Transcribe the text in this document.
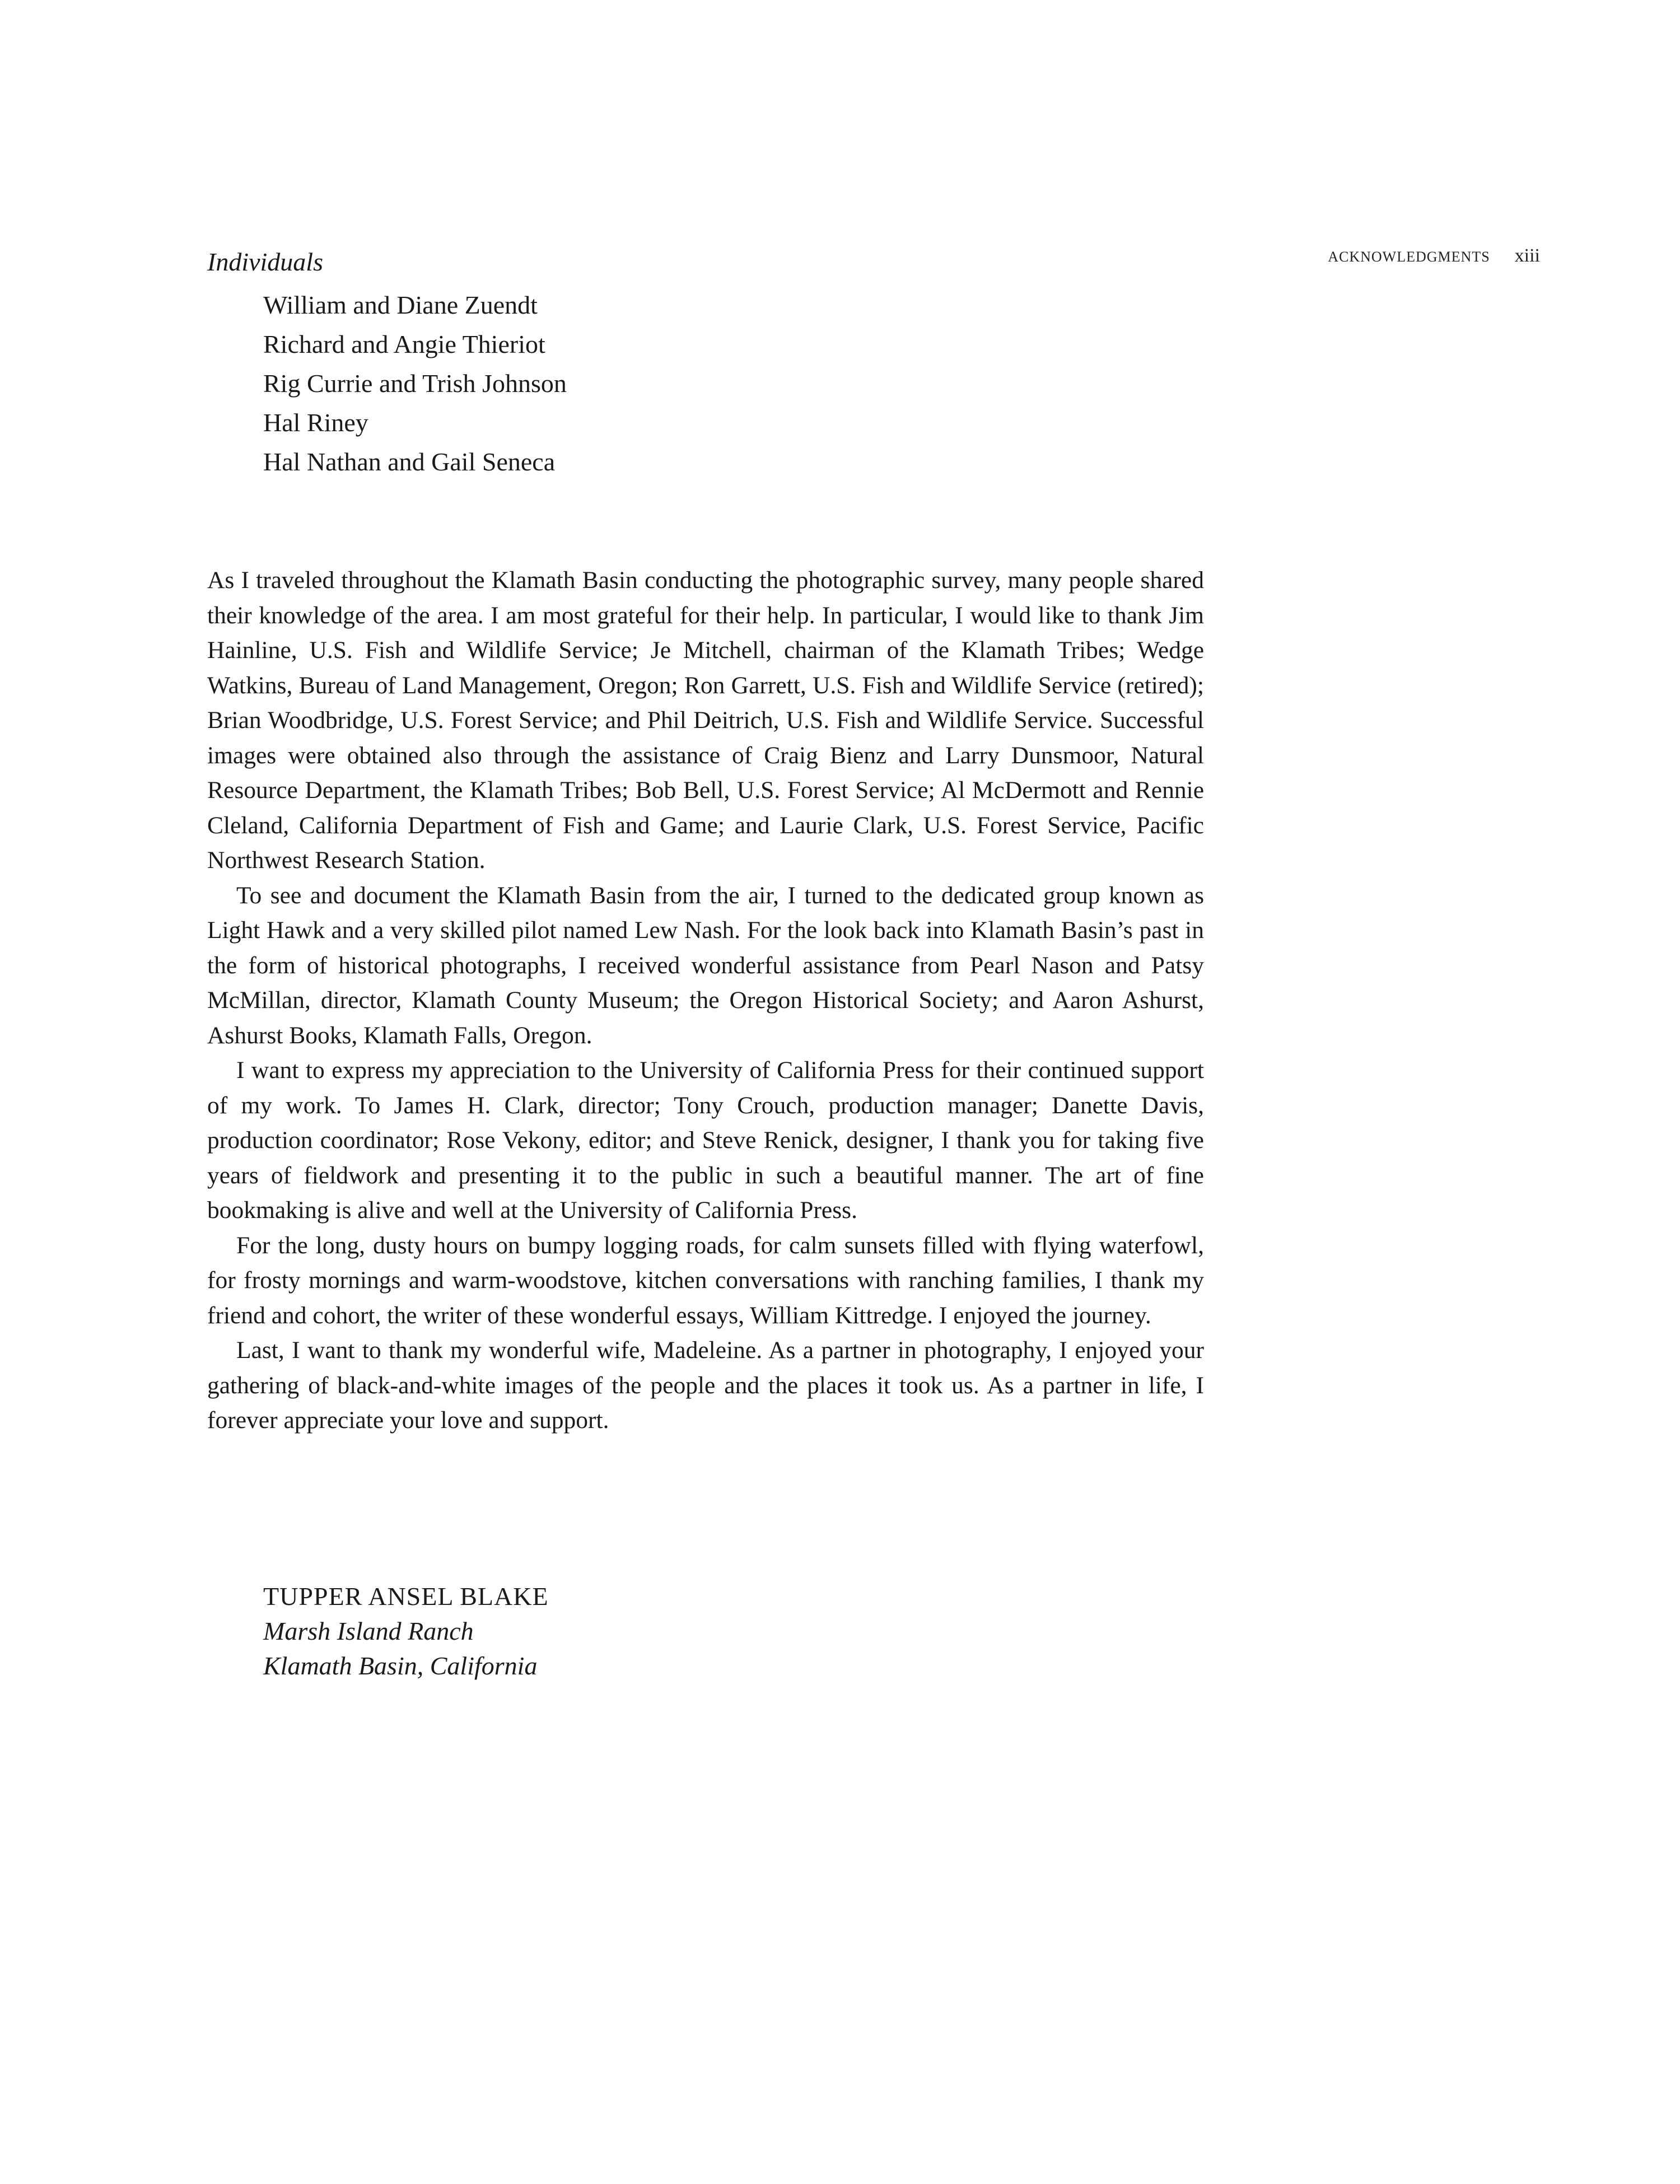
ACKNOWLEDGMENTS xiii
Individuals
William and Diane Zuendt
Richard and Angie Thieriot
Rig Currie and Trish Johnson
Hal Riney
Hal Nathan and Gail Seneca

As I traveled throughout the Klamath Basin conducting the photographic survey, many people shared their knowledge of the area. I am most grateful for their help. In particular, I would like to thank Jim Hainline, U.S. Fish and Wildlife Service; Je Mitchell, chairman of the Klamath Tribes; Wedge Watkins, Bureau of Land Management, Oregon; Ron Garrett, U.S. Fish and Wildlife Service (retired); Brian Woodbridge, U.S. Forest Service; and Phil Deitrich, U.S. Fish and Wildlife Service. Successful images were obtained also through the assistance of Craig Bienz and Larry Dunsmoor, Natural Resource Department, the Klamath Tribes; Bob Bell, U.S. Forest Service; Al McDermott and Rennie Cleland, California Department of Fish and Game; and Laurie Clark, U.S. Forest Service, Pacific Northwest Research Station.

To see and document the Klamath Basin from the air, I turned to the dedicated group known as Light Hawk and a very skilled pilot named Lew Nash. For the look back into Klamath Basin’s past in the form of historical photographs, I received wonderful assistance from Pearl Nason and Patsy McMillan, director, Klamath County Museum; the Oregon Historical Society; and Aaron Ashurst, Ashurst Books, Klamath Falls, Oregon.

I want to express my appreciation to the University of California Press for their continued support of my work. To James H. Clark, director; Tony Crouch, production manager; Danette Davis, production coordinator; Rose Vekony, editor; and Steve Renick, designer, I thank you for taking five years of fieldwork and presenting it to the public in such a beautiful manner. The art of fine bookmaking is alive and well at the University of California Press.

For the long, dusty hours on bumpy logging roads, for calm sunsets filled with flying waterfowl, for frosty mornings and warm-woodstove, kitchen conversations with ranching families, I thank my friend and cohort, the writer of these wonderful essays, William Kittredge. I enjoyed the journey.

Last, I want to thank my wonderful wife, Madeleine. As a partner in photography, I enjoyed your gathering of black-and-white images of the people and the places it took us. As a partner in life, I forever appreciate your love and support.

TUPPER ANSEL BLAKE
Marsh Island Ranch
Klamath Basin, California
